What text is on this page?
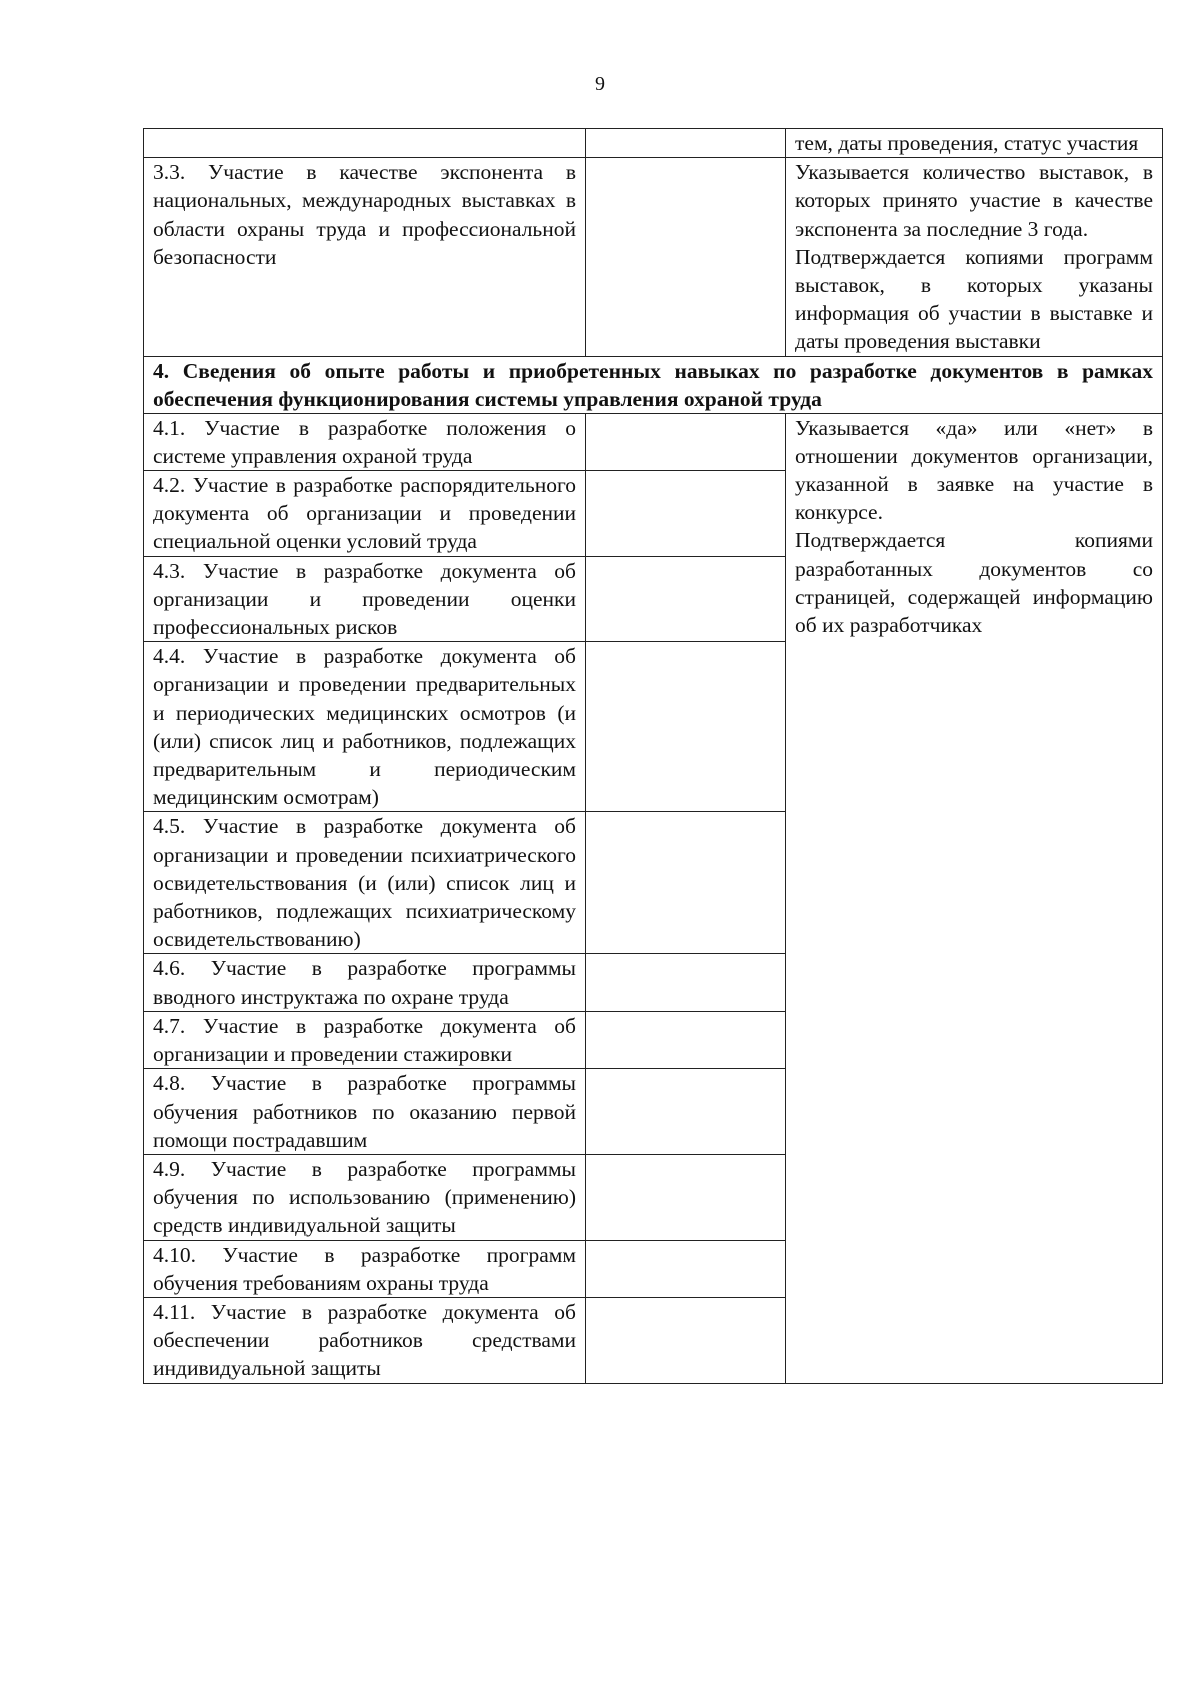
9
		тем, даты проведения, статус участия
3.3. Участие в качестве экспонента в национальных, международных выставках в области охраны труда и профессиональной безопасности		Указывается количество выставок, в которых принято участие в качестве экспонента за последние 3 года.
Подтверждается копиями программ выставок, в которых указаны информация об участии в выставке и даты проведения выставки

4. Сведения об опыте работы и приобретенных навыках по разработке документов в рамках обеспечения функционирования системы управления охраной труда		
4.1. Участие в разработке положения о системе управления охраной труда		Указывается «да» или «нет» в отношении документов организации, указанной в заявке на участие в конкурсе.
Подтверждается копиями разработанных документов со страницей, содержащей информацию об их разработчиках

4.2. Участие в разработке распорядительного документа об организации и проведении специальной оценки условий труда		
4.3. Участие в разработке документа об организации и проведении оценки профессиональных рисков		
4.4. Участие в разработке документа об организации и проведении предварительных и периодических медицинских осмотров (и (или) список лиц и работников, подлежащих предварительным и периодическим медицинским осмотрам)		
4.5. Участие в разработке документа об организации и проведении психиатрического освидетельствования (и (или) список лиц и работников, подлежащих психиатрическому освидетельствованию)		
4.6. Участие в разработке программы вводного инструктажа по охране труда		
4.7. Участие в разработке документа об организации и проведении стажировки		
4.8. Участие в разработке программы обучения работников по оказанию первой помощи пострадавшим		
4.9. Участие в разработке программы обучения по использованию (применению) средств индивидуальной защиты		
4.10. Участие в разработке программ обучения требованиям охраны труда		
4.11. Участие в разработке документа об обеспечении работников средствами индивидуальной защиты		
